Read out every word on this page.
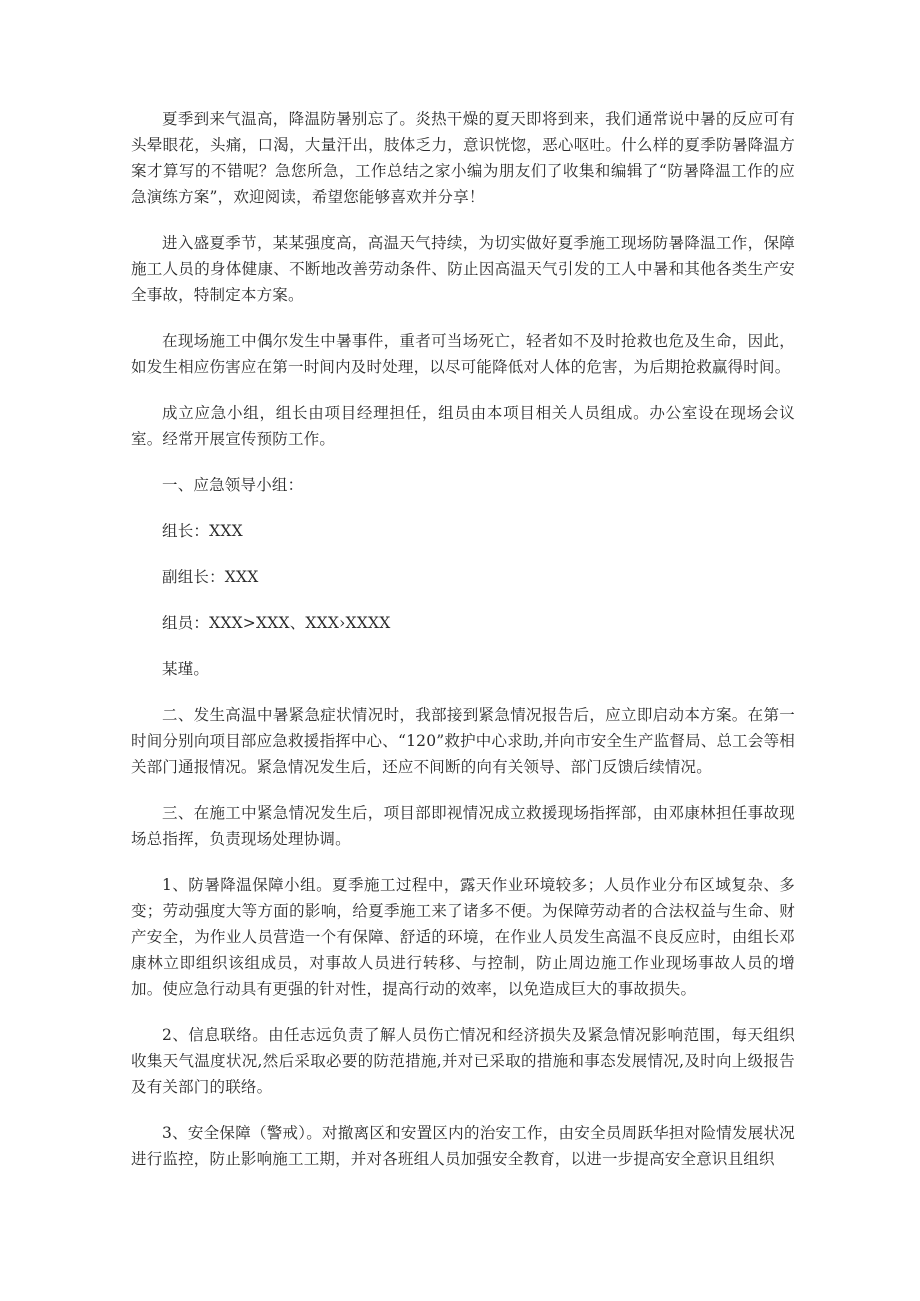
夏季到来气温高，降温防暑别忘了。炎热干燥的夏天即将到来，我们通常说中暑的反应可有头晕眼花，头痛，口渴，大量汗出，肢体乏力，意识恍惚，恶心呕吐。什么样的夏季防暑降温方案才算写的不错呢？急您所急，工作总结之家小编为朋友们了收集和编辑了“防暑降温工作的应急演练方案”，欢迎阅读，希望您能够喜欢并分享！

进入盛夏季节，某某强度高，高温天气持续，为切实做好夏季施工现场防暑降温工作，保障施工人员的身体健康、不断地改善劳动条件、防止因高温天气引发的工人中暑和其他各类生产安全事故，特制定本方案。

在现场施工中偶尔发生中暑事件，重者可当场死亡，轻者如不及时抢救也危及生命，因此，如发生相应伤害应在第一时间内及时处理，以尽可能降低对人体的危害，为后期抢救赢得时间。

成立应急小组，组长由项目经理担任，组员由本项目相关人员组成。办公室设在现场会议室。经常开展宣传预防工作。

一、应急领导小组：

组长：XXX

副组长：XXX

组员：XXX>XXX、XXX›XXXX

某瑾。

二、发生高温中暑紧急症状情况时，我部接到紧急情况报告后，应立即启动本方案。在第一时间分别向项目部应急救援指挥中心、“120”救护中心求助,并向市安全生产监督局、总工会等相关部门通报情况。紧急情况发生后，还应不间断的向有关领导、部门反馈后续情况。

三、在施工中紧急情况发生后，项目部即视情况成立救援现场指挥部，由邓康林担任事故现场总指挥，负责现场处理协调。

1、防暑降温保障小组。夏季施工过程中，露天作业环境较多；人员作业分布区域复杂、多变；劳动强度大等方面的影响，给夏季施工来了诸多不便。为保障劳动者的合法权益与生命、财产安全，为作业人员营造一个有保障、舒适的环境，在作业人员发生高温不良反应时，由组长邓康林立即组织该组成员，对事故人员进行转移、与控制，防止周边施工作业现场事故人员的增加。使应急行动具有更强的针对性，提高行动的效率，以免造成巨大的事故损失。

2、信息联络。由任志远负责了解人员伤亡情况和经济损失及紧急情况影响范围，每天组织收集天气温度状况,然后采取必要的防范措施,并对已采取的措施和事态发展情况,及时向上级报告及有关部门的联络。

3、安全保障（警戒）。对撤离区和安置区内的治安工作，由安全员周跃华担对险情发展状况进行监控，防止影响施工工期，并对各班组人员加强安全教育，以进一步提高安全意识且组织
